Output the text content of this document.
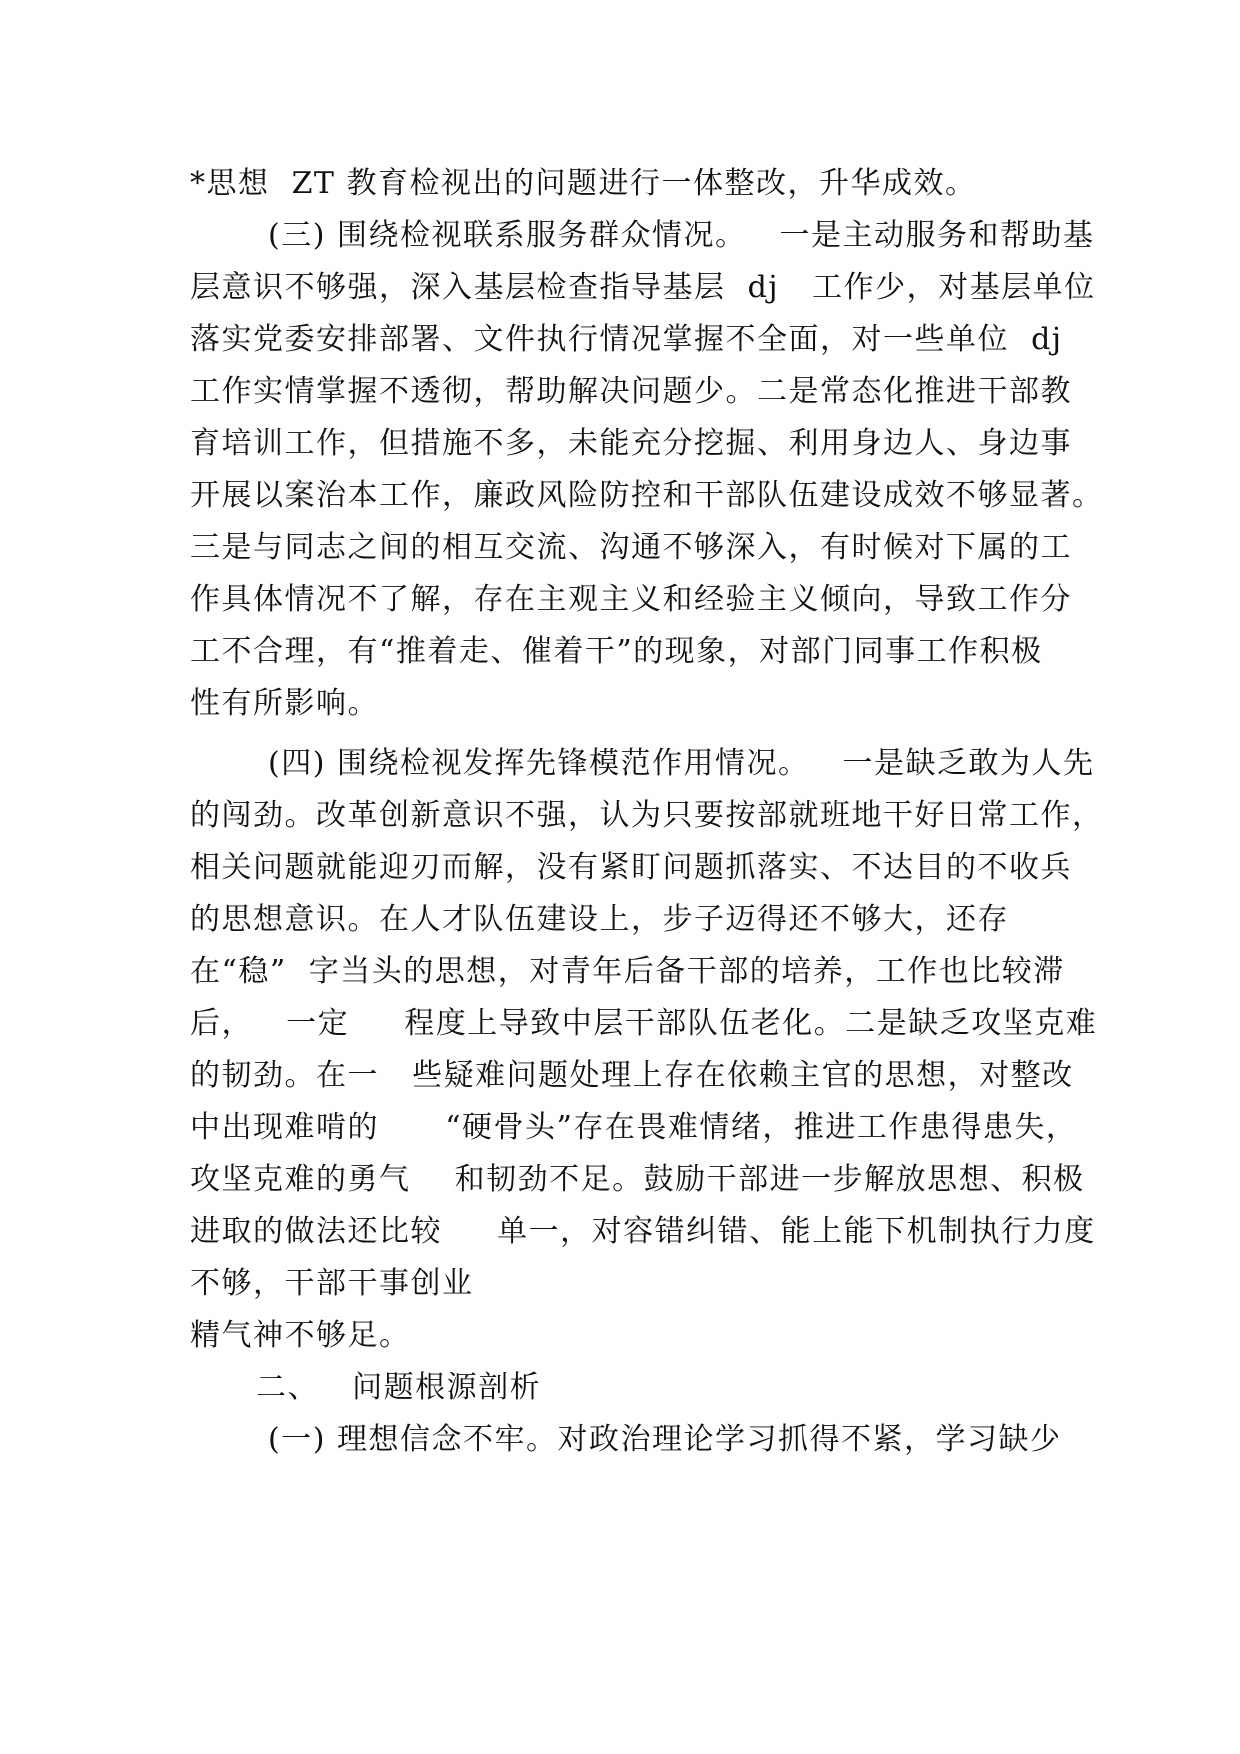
*思想  ZT 教育检视出的问题进行一体整改，升华成效。
(三) 围绕检视联系服务群众情况。   一是主动服务和帮助基
层意识不够强，深入基层检查指导基层  dj   工作少，对基层单位
落实党委安排部署、文件执行情况掌握不全面，对一些单位  dj
工作实情掌握不透彻，帮助解决问题少。二是常态化推进干部教
育培训工作，但措施不多，未能充分挖掘、利用身边人、身边事
开展以案治本工作，廉政风险防控和干部队伍建设成效不够显著。
三是与同志之间的相互交流、沟通不够深入，有时候对下属的工
作具体情况不了解，存在主观主义和经验主义倾向，导致工作分
工不合理，有“推着走、催着干”的现象，对部门同事工作积极
性有所影响。
(四) 围绕检视发挥先锋模范作用情况。   一是缺乏敢为人先
的闯劲。改革创新意识不强，认为只要按部就班地干好日常工作，
相关问题就能迎刃而解，没有紧盯问题抓落实、不达目的不收兵
的思想意识。在人才队伍建设上，步子迈得还不够大，还存
在“稳”  字当头的思想，对青年后备干部的培养，工作也比较滞
后，   一定     程度上导致中层干部队伍老化。二是缺乏攻坚克难
的韧劲。在一   些疑难问题处理上存在依赖主官的思想，对整改
中出现难啃的      “硬骨头”存在畏难情绪，推进工作患得患失，
攻坚克难的勇气    和韧劲不足。鼓励干部进一步解放思想、积极
进取的做法还比较     单一，对容错纠错、能上能下机制执行力度
不够，干部干事创业
精气神不够足。
二、   问题根源剖析
(一) 理想信念不牢。对政治理论学习抓得不紧，学习缺少
